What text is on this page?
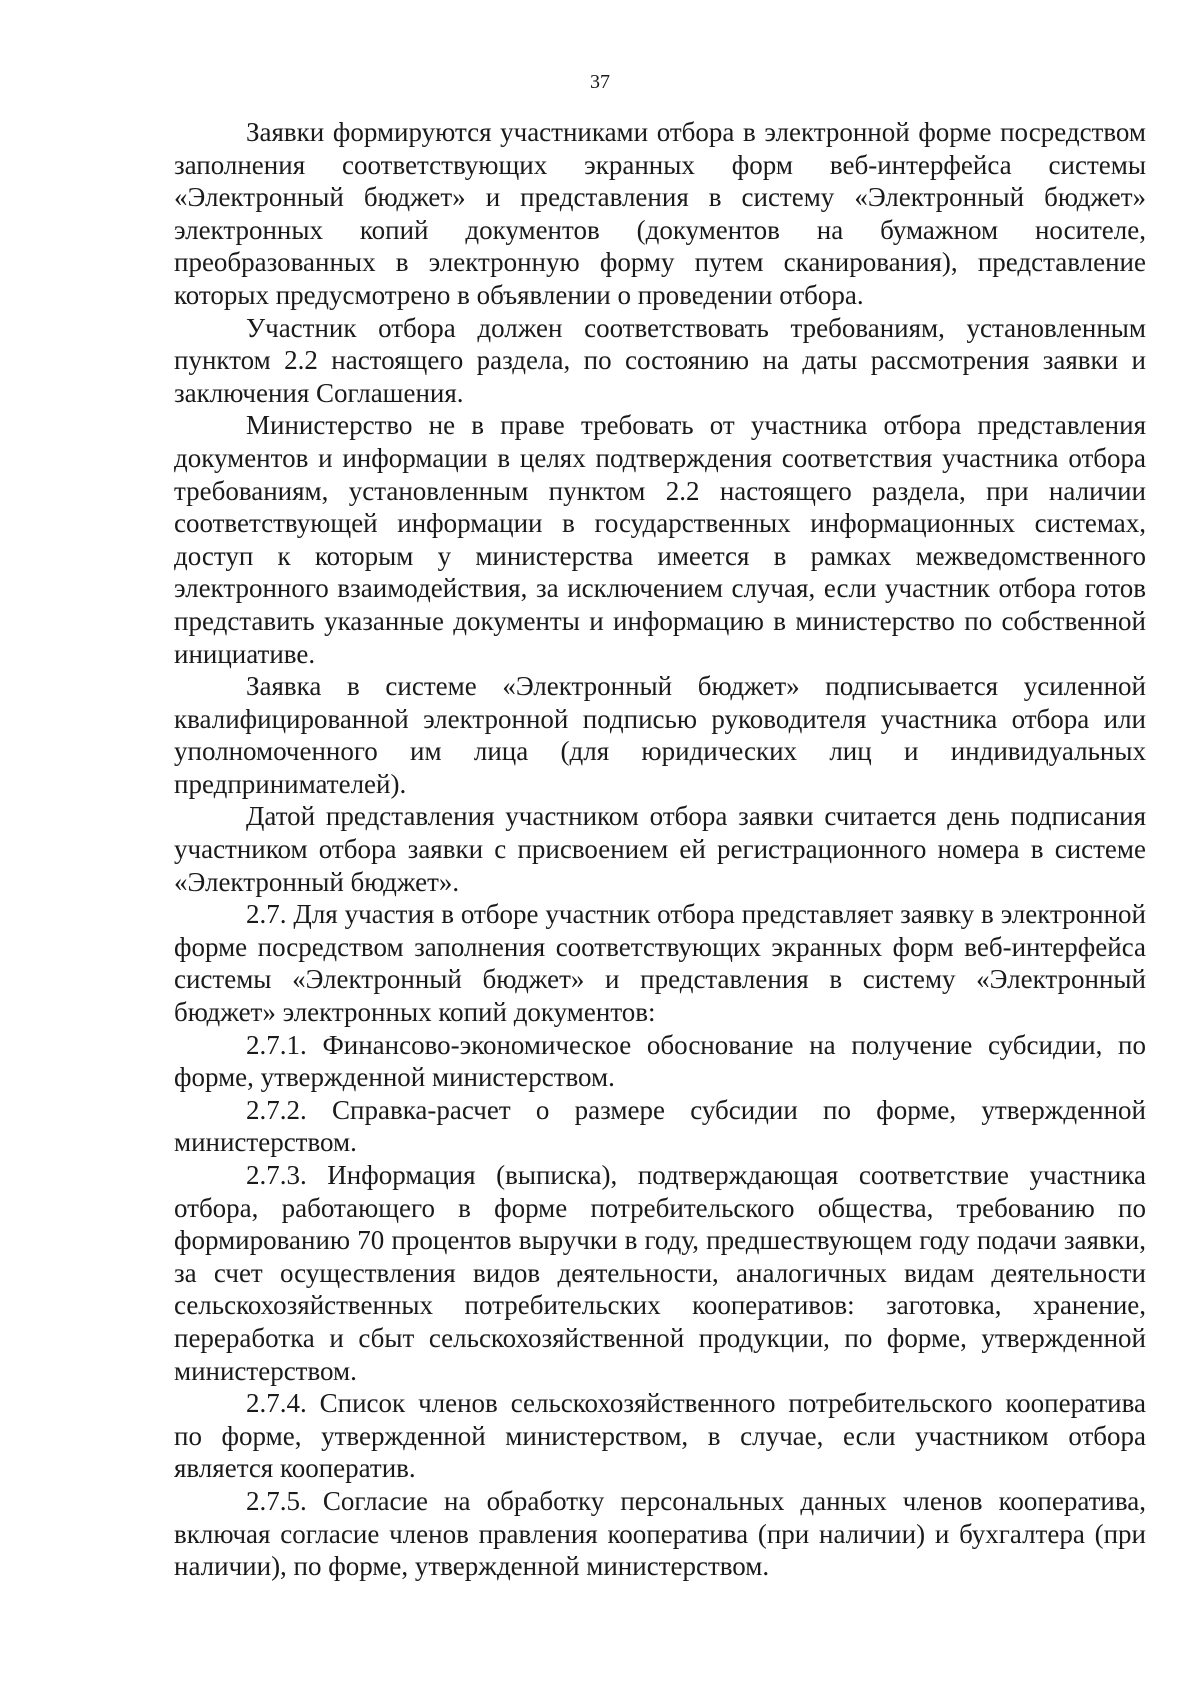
37

Заявки формируются участниками отбора в электронной форме посредством заполнения соответствующих экранных форм веб-интерфейса системы «Электронный бюджет» и представления в систему «Электронный бюджет» электронных копий документов (документов на бумажном носителе, преобразованных в электронную форму путем сканирования), представление которых предусмотрено в объявлении о проведении отбора.

Участник отбора должен соответствовать требованиям, установленным пунктом 2.2 настоящего раздела, по состоянию на даты рассмотрения заявки и заключения Соглашения.

Министерство не в праве требовать от участника отбора представления документов и информации в целях подтверждения соответствия участника отбора требованиям, установленным пунктом 2.2 настоящего раздела, при наличии соответствующей информации в государственных информационных системах, доступ к которым у министерства имеется в рамках межведомственного электронного взаимодействия, за исключением случая, если участник отбора готов представить указанные документы и информацию в министерство по собственной инициативе.

Заявка в системе «Электронный бюджет» подписывается усиленной квалифицированной электронной подписью руководителя участника отбора или уполномоченного им лица (для юридических лиц и индивидуальных предпринимателей).

Датой представления участником отбора заявки считается день подписания участником отбора заявки с присвоением ей регистрационного номера в системе «Электронный бюджет».

2.7. Для участия в отборе участник отбора представляет заявку в электронной форме посредством заполнения соответствующих экранных форм веб-интерфейса системы «Электронный бюджет» и представления в систему «Электронный бюджет» электронных копий документов:

2.7.1. Финансово-экономическое обоснование на получение субсидии, по форме, утвержденной министерством.

2.7.2. Справка-расчет о размере субсидии по форме, утвержденной министерством.

2.7.3. Информация (выписка), подтверждающая соответствие участника отбора, работающего в форме потребительского общества, требованию по формированию 70 процентов выручки в году, предшествующем году подачи заявки, за счет осуществления видов деятельности, аналогичных видам деятельности сельскохозяйственных потребительских кооперативов: заготовка, хранение, переработка и сбыт сельскохозяйственной продукции, по форме, утвержденной министерством.

2.7.4. Список членов сельскохозяйственного потребительского кооператива по форме, утвержденной министерством, в случае, если участником отбора является кооператив.

2.7.5. Согласие на обработку персональных данных членов кооператива, включая согласие членов правления кооператива (при наличии) и бухгалтера (при наличии), по форме, утвержденной министерством.
